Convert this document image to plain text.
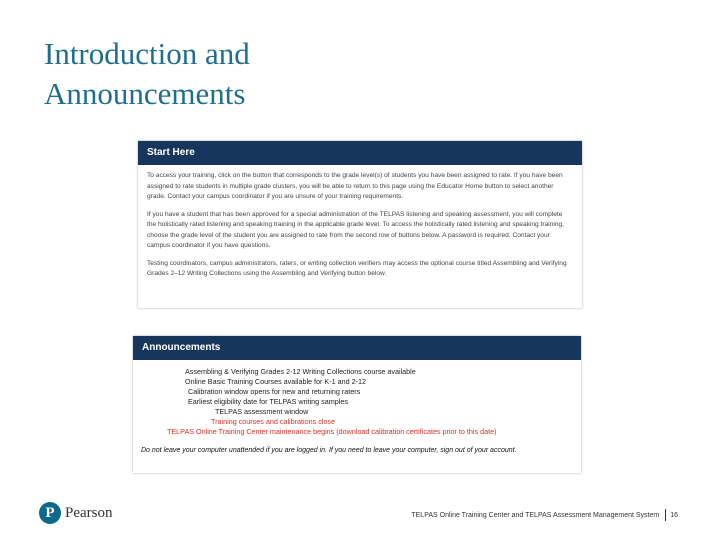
Introduction and Announcements
Start Here

To access your training, click on the button that corresponds to the grade level(s) of students you have been assigned to rate. If you have been assigned to rate students in multiple grade clusters, you will be able to return to this page using the Educator Home button to select another grade. Contact your campus coordinator if you are unsure of your training requirements.

If you have a student that has been approved for a special administration of the TELPAS listening and speaking assessment, you will complete the holistically rated listening and speaking training in the applicable grade level. To access the holistically rated listening and speaking training, choose the grade level of the student you are assigned to rate from the second row of buttons below. A password is required. Contact your campus coordinator if you have questions.

Testing coordinators, campus administrators, raters, or writing collection verifiers may access the optional course titled Assembling and Verifying Grades 2–12 Writing Collections using the Assembling and Verifying button below.

Announcements

Assembling & Verifying Grades 2-12 Writing Collections course available

Online Basic Training Courses available for K-1 and 2-12

Calibration window opens for new and returning raters

Earliest eligibility date for TELPAS writing samples

TELPAS assessment window

Training courses and calibrations close

TELPAS Online Training Center maintenance begins (download calibration certificates prior to this date)

Do not leave your computer unattended if you are logged in. If you need to leave your computer, sign out of your account.

P Pearson	TELPAS Online Training Center and TELPAS Assessment Management System 16
